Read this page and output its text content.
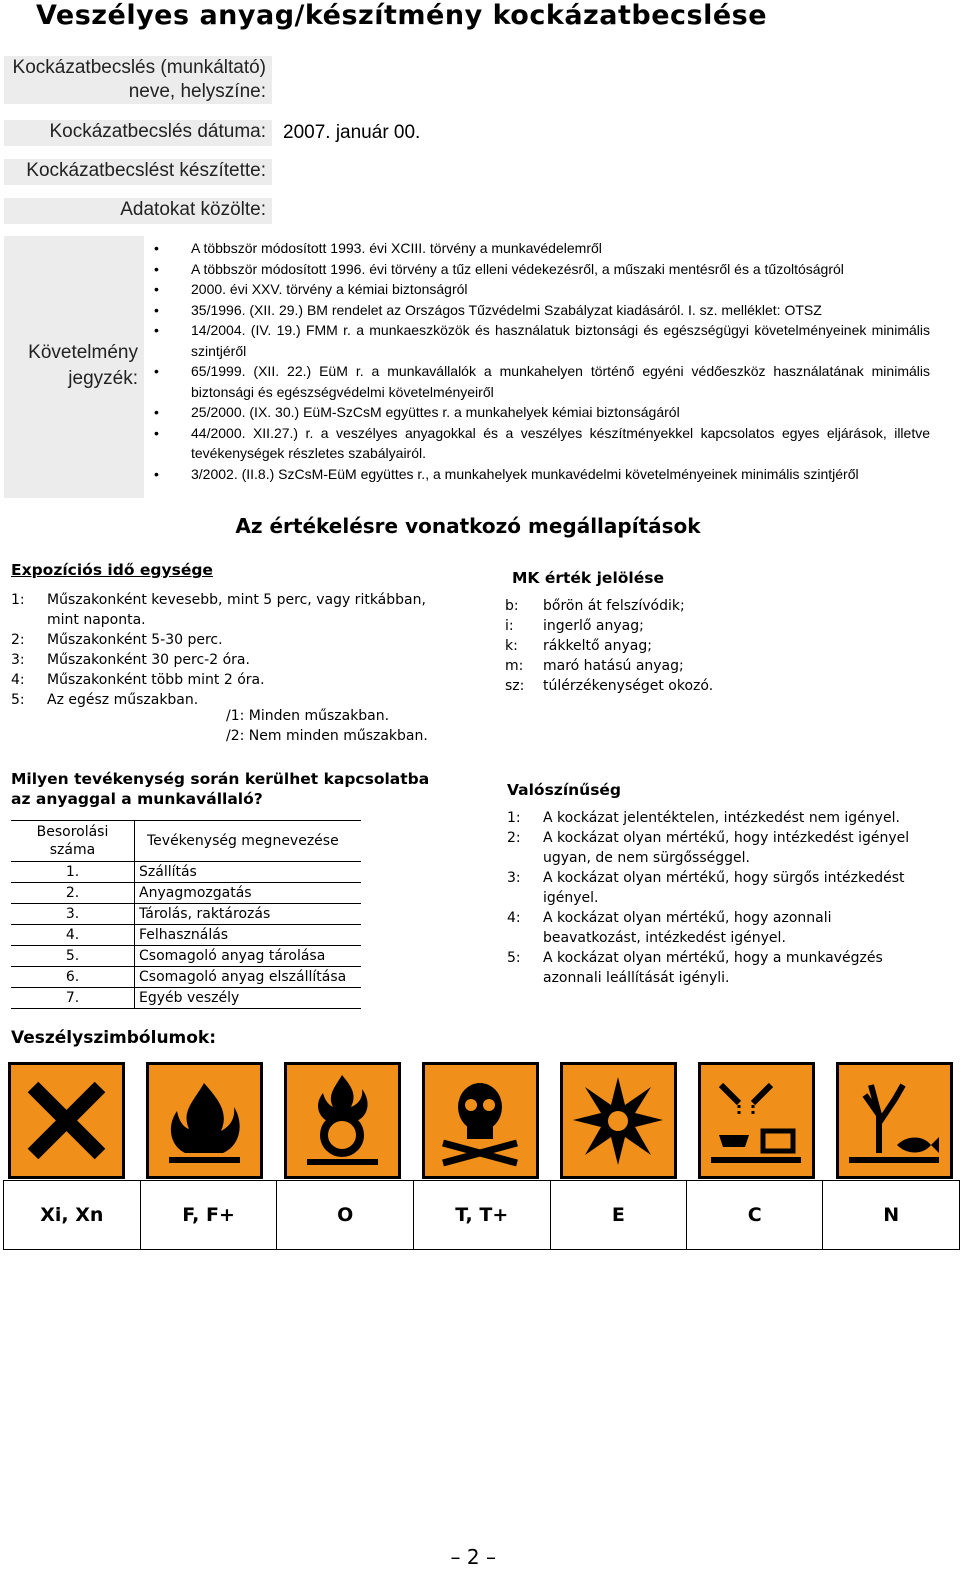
Veszélyes anyag/készítmény kockázatbecslése
Kockázatbecslés (munkáltató)
neve, helyszíne:
Kockázatbecslés dátuma: 2007. január 00.
Kockázatbecslést készítette:
Adatokat közölte:
Követelmény
jegyzék:
• A többször módosított 1993. évi XCIII. törvény a munkavédelemről
• A többször módosított 1996. évi törvény a tűz elleni védekezésről, a műszaki mentésről és a tűzoltóságról
• 2000. évi XXV. törvény a kémiai biztonságról
• 35/1996. (XII. 29.) BM rendelet az Országos Tűzvédelmi Szabályzat kiadásáról. I. sz. melléklet: OTSZ
• 14/2004. (IV. 19.) FMM r. a munkaeszközök és használatuk biztonsági és egészségügyi követelményeinek minimális szintjéről
• 65/1999. (XII. 22.) EüM r. a munkavállalók a munkahelyen történő egyéni védőeszköz használatának minimális biztonsági és egészségvédelmi követelményeiről
• 25/2000. (IX. 30.) EüM-SzCsM együttes r. a munkahelyek kémiai biztonságáról
• 44/2000. XII.27.) r. a veszélyes anyagokkal és a veszélyes készítményekkel kapcsolatos egyes eljárások, illetve tevékenységek részletes szabályairól.
• 3/2002. (II.8.) SzCsM-EüM együttes r., a munkahelyek munkavédelmi követelményeinek minimális szintjéről
Az értékelésre vonatkozó megállapítások
Expozíciós idő egysége
1: Műszakonként kevesebb, mint 5 perc, vagy ritkábban, mint naponta.
2: Műszakonként 5-30 perc.
3: Műszakonként 30 perc-2 óra.
4: Műszakonként több mint 2 óra.
5: Az egész műszakban.
/1: Minden műszakban.
/2: Nem minden műszakban.
MK érték jelölése
b: bőrön át felszívódik;
i: ingerlő anyag;
k: rákkeltő anyag;
m: maró hatású anyag;
sz: túlérzékenységet okozó.
Milyen tevékenység során kerülhet kapcsolatba az anyaggal a munkavállaló?
Besorolási
száma	Tevékenység megnevezése
1.	Szállítás
2.	Anyagmozgatás
3.	Tárolás, raktározás
4.	Felhasználás
5.	Csomagoló anyag tárolása
6.	Csomagoló anyag elszállítása
7.	Egyéb veszély
Valószínűség
1: A kockázat jelentéktelen, intézkedést nem igényel.
2: A kockázat olyan mértékű, hogy intézkedést igényel ugyan, de nem sürgősséggel.
3: A kockázat olyan mértékű, hogy sürgős intézkedést igényel.
4: A kockázat olyan mértékű, hogy azonnali beavatkozást, intézkedést igényel.
5: A kockázat olyan mértékű, hogy a munkavégzés azonnali leállítását igényli.
Veszélyszimbólumok:
Xi, Xn	F, F+	O	T, T+	E	C	N
– 2 –
